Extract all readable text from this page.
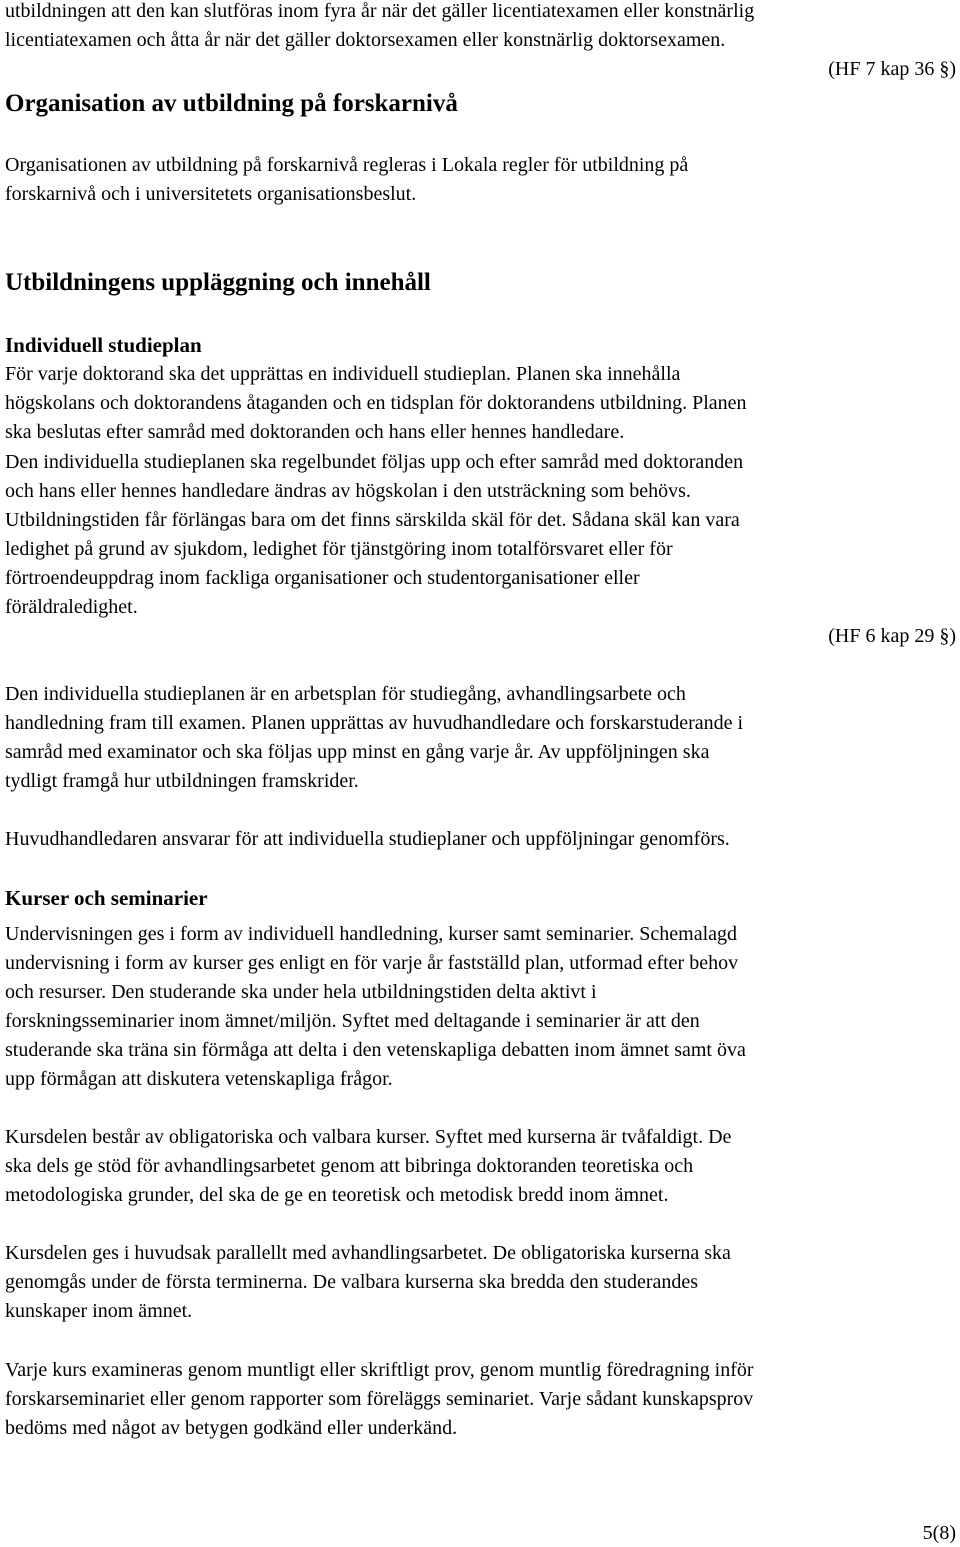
utbildningen att den kan slutföras inom fyra år när det gäller licentiatexamen eller konstnärlig
licentiatexamen och åtta år när det gäller doktorsexamen eller konstnärlig doktorsexamen.
(HF 7 kap 36 §)
Organisation av utbildning på forskarnivå
Organisationen av utbildning på forskarnivå regleras i Lokala regler för utbildning på
forskarnivå och i universitetets organisationsbeslut.
Utbildningens uppläggning och innehåll
Individuell studieplan
För varje doktorand ska det upprättas en individuell studieplan. Planen ska innehålla
högskolans och doktorandens åtaganden och en tidsplan för doktorandens utbildning. Planen
ska beslutas efter samråd med doktoranden och hans eller hennes handledare.
Den individuella studieplanen ska regelbundet följas upp och efter samråd med doktoranden
och hans eller hennes handledare ändras av högskolan i den utsträckning som behövs.
Utbildningstiden får förlängas bara om det finns särskilda skäl för det. Sådana skäl kan vara
ledighet på grund av sjukdom, ledighet för tjänstgöring inom totalförsvaret eller för
förtroendeuppdrag inom fackliga organisationer och studentorganisationer eller
föräldraledighet.
(HF 6 kap 29 §)
Den individuella studieplanen är en arbetsplan för studiegång, avhandlingsarbete och
handledning fram till examen. Planen upprättas av huvudhandledare och forskarstuderande i
samråd med examinator och ska följas upp minst en gång varje år. Av uppföljningen ska
tydligt framgå hur utbildningen framskrider.
Huvudhandledaren ansvarar för att individuella studieplaner och uppföljningar genomförs.
Kurser och seminarier
Undervisningen ges i form av individuell handledning, kurser samt seminarier. Schemalagd
undervisning i form av kurser ges enligt en för varje år fastställd plan, utformad efter behov
och resurser. Den studerande ska under hela utbildningstiden delta aktivt i
forskningsseminarier inom ämnet/miljön. Syftet med deltagande i seminarier är att den
studerande ska träna sin förmåga att delta i den vetenskapliga debatten inom ämnet samt öva
upp förmågan att diskutera vetenskapliga frågor.
Kursdelen består av obligatoriska och valbara kurser. Syftet med kurserna är tvåfaldigt. De
ska dels ge stöd för avhandlingsarbetet genom att bibringa doktoranden teoretiska och
metodologiska grunder, del ska de ge en teoretisk och metodisk bredd inom ämnet.
Kursdelen ges i huvudsak parallellt med avhandlingsarbetet. De obligatoriska kurserna ska
genomgås under de första terminerna. De valbara kurserna ska bredda den studerandes
kunskaper inom ämnet.
Varje kurs examineras genom muntligt eller skriftligt prov, genom muntlig föredragning inför
forskarseminariet eller genom rapporter som föreläggs seminariet. Varje sådant kunskapsprov
bedöms med något av betygen godkänd eller underkänd.
5(8)
